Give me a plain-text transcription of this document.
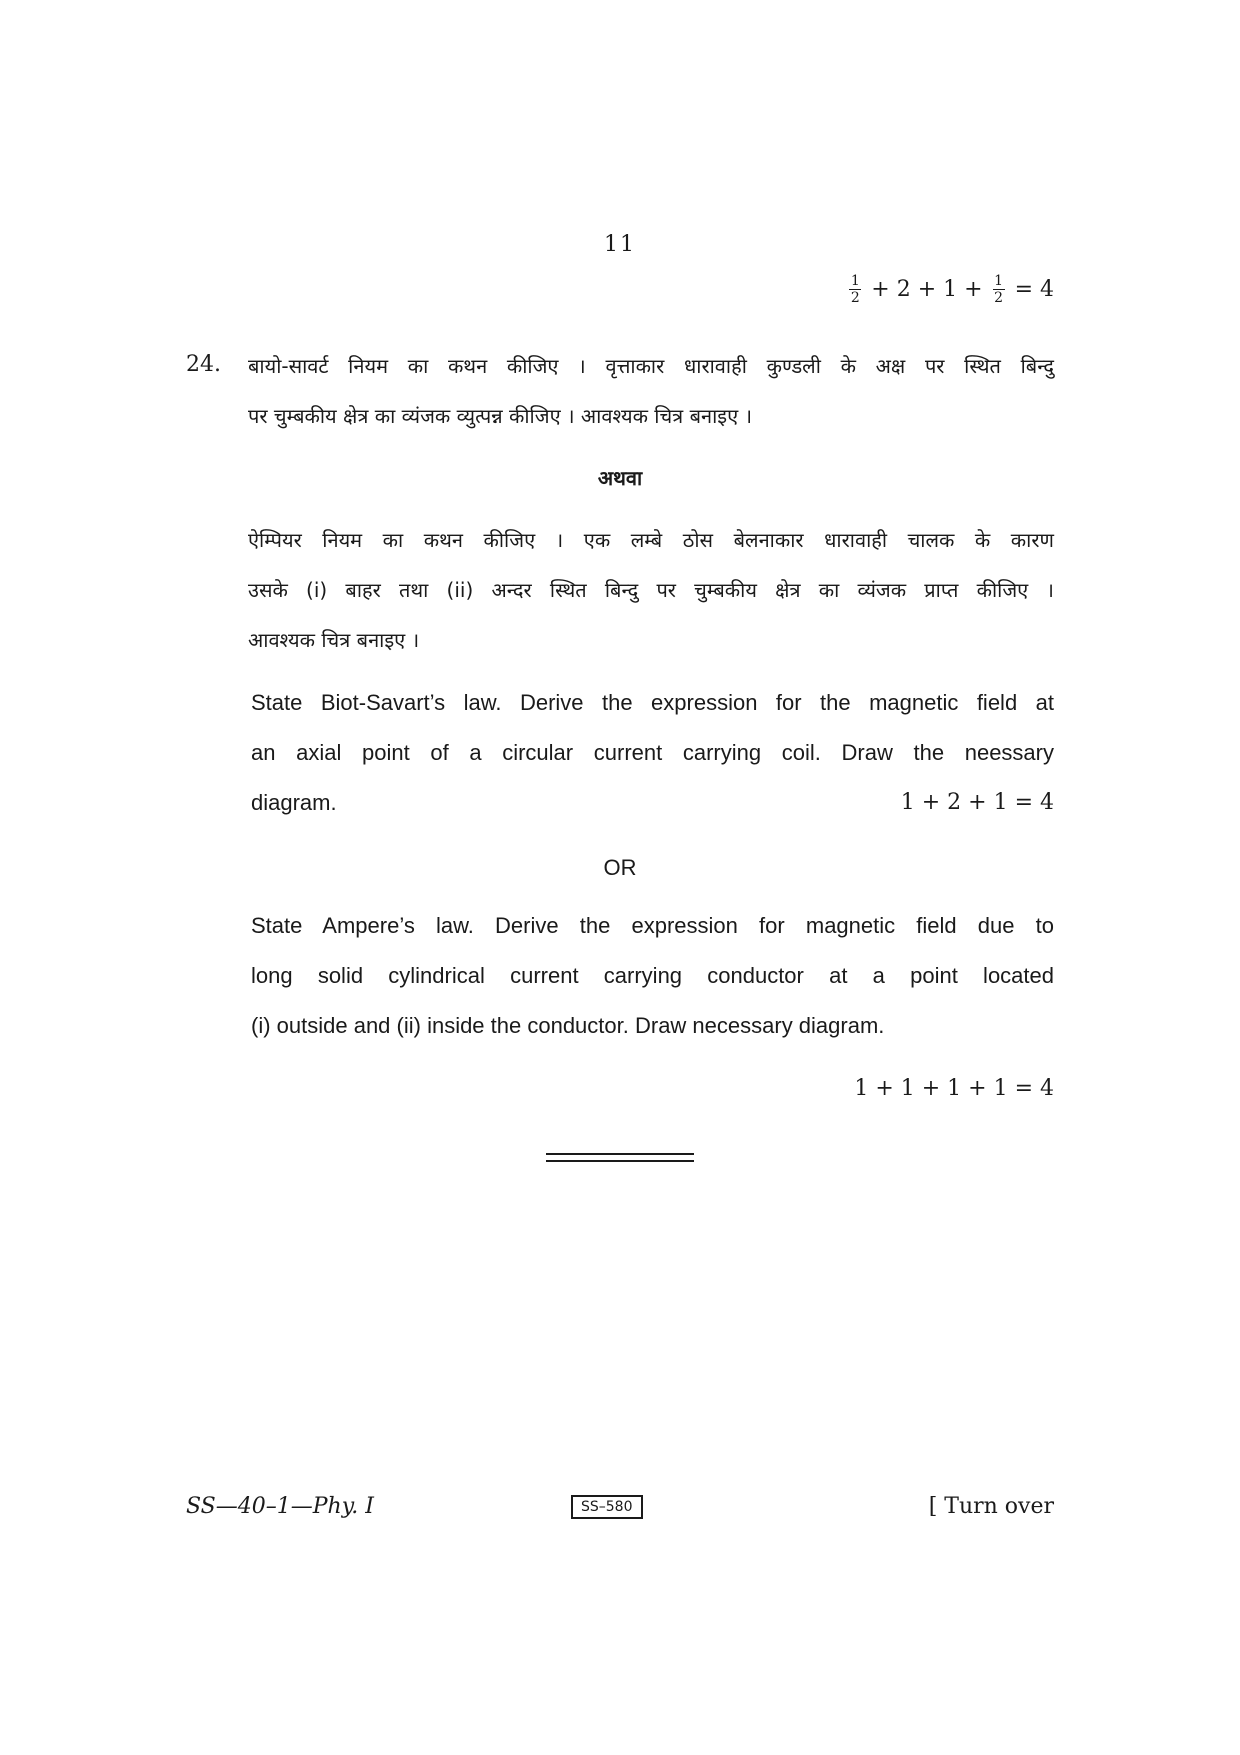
11
$\frac{1}{2} + 2 + 1 + \frac{1}{2} = 4$
24. बायो-सावर्ट नियम का कथन कीजिए । वृत्ताकार धारावाही कुण्डली के अक्ष पर स्थित बिन्दु
पर चुम्बकीय क्षेत्र का व्यंजक व्युत्पन्न कीजिए । आवश्यक चित्र बनाइए ।
अथवा
ऐम्पियर नियम का कथन कीजिए । एक लम्बे ठोस बेलनाकार धारावाही चालक के कारण
उसके (i) बाहर तथा (ii) अन्दर स्थित बिन्दु पर चुम्बकीय क्षेत्र का व्यंजक प्राप्त कीजिए ।
आवश्यक चित्र बनाइए ।
State Biot-Savart’s law. Derive the expression for the magnetic field at
an axial point of a circular current carrying coil. Draw the neessary
diagram.	1 + 2 + 1 = 4
OR
State Ampere’s law. Derive the expression for magnetic field due to
long solid cylindrical current carrying conductor at a point located
(i) outside and (ii) inside the conductor. Draw necessary diagram.
1 + 1 + 1 + 1 = 4
SS—40–1—Phy. I	SS–580	[ Turn over
